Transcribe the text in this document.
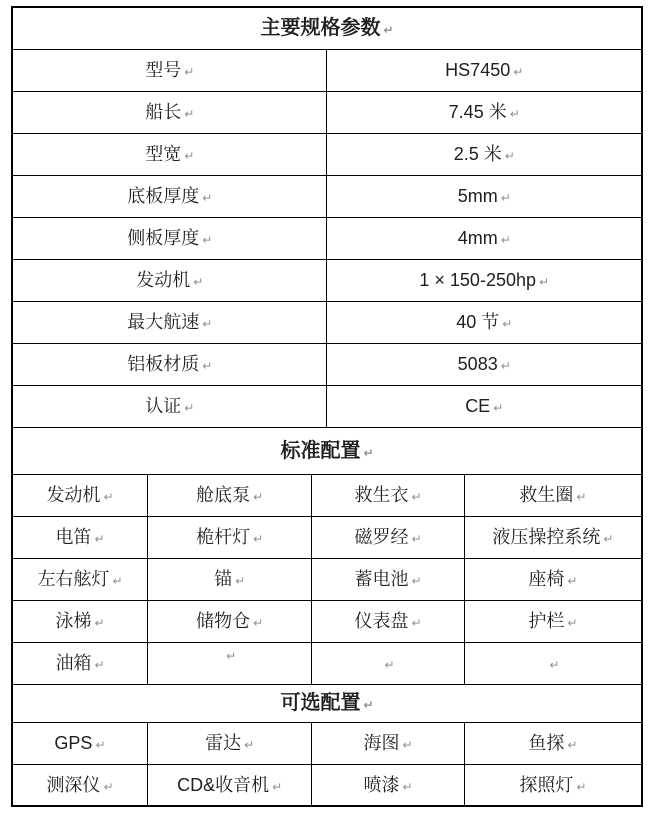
主要规格参数 ↵				
型号 ↵			HS7450 ↵	
船长 ↵			7.45 米 ↵	
型宽 ↵			2.5 米 ↵	
底板厚度 ↵			5mm ↵	
侧板厚度 ↵			4mm ↵	
发动机 ↵			1 × 150-250hp ↵	
最大航速 ↵			40 节 ↵	
铝板材质 ↵			5083 ↵	
认证 ↵			CE ↵	
标准配置 ↵				
发动机 ↵	舱底泵 ↵	救生衣 ↵		救生圈 ↵
电笛 ↵	桅杆灯 ↵	磁罗经 ↵		液压操控系统 ↵
左右舷灯 ↵	锚 ↵	蓄电池 ↵		座椅 ↵
泳梯 ↵	储物仓 ↵	仪表盘 ↵		护栏 ↵
油箱 ↵	↵	↵		↵
可选配置 ↵				
GPS ↵	雷达 ↵	海图 ↵		鱼探 ↵
测深仪 ↵	CD&收音机 ↵	喷漆 ↵		探照灯 ↵
